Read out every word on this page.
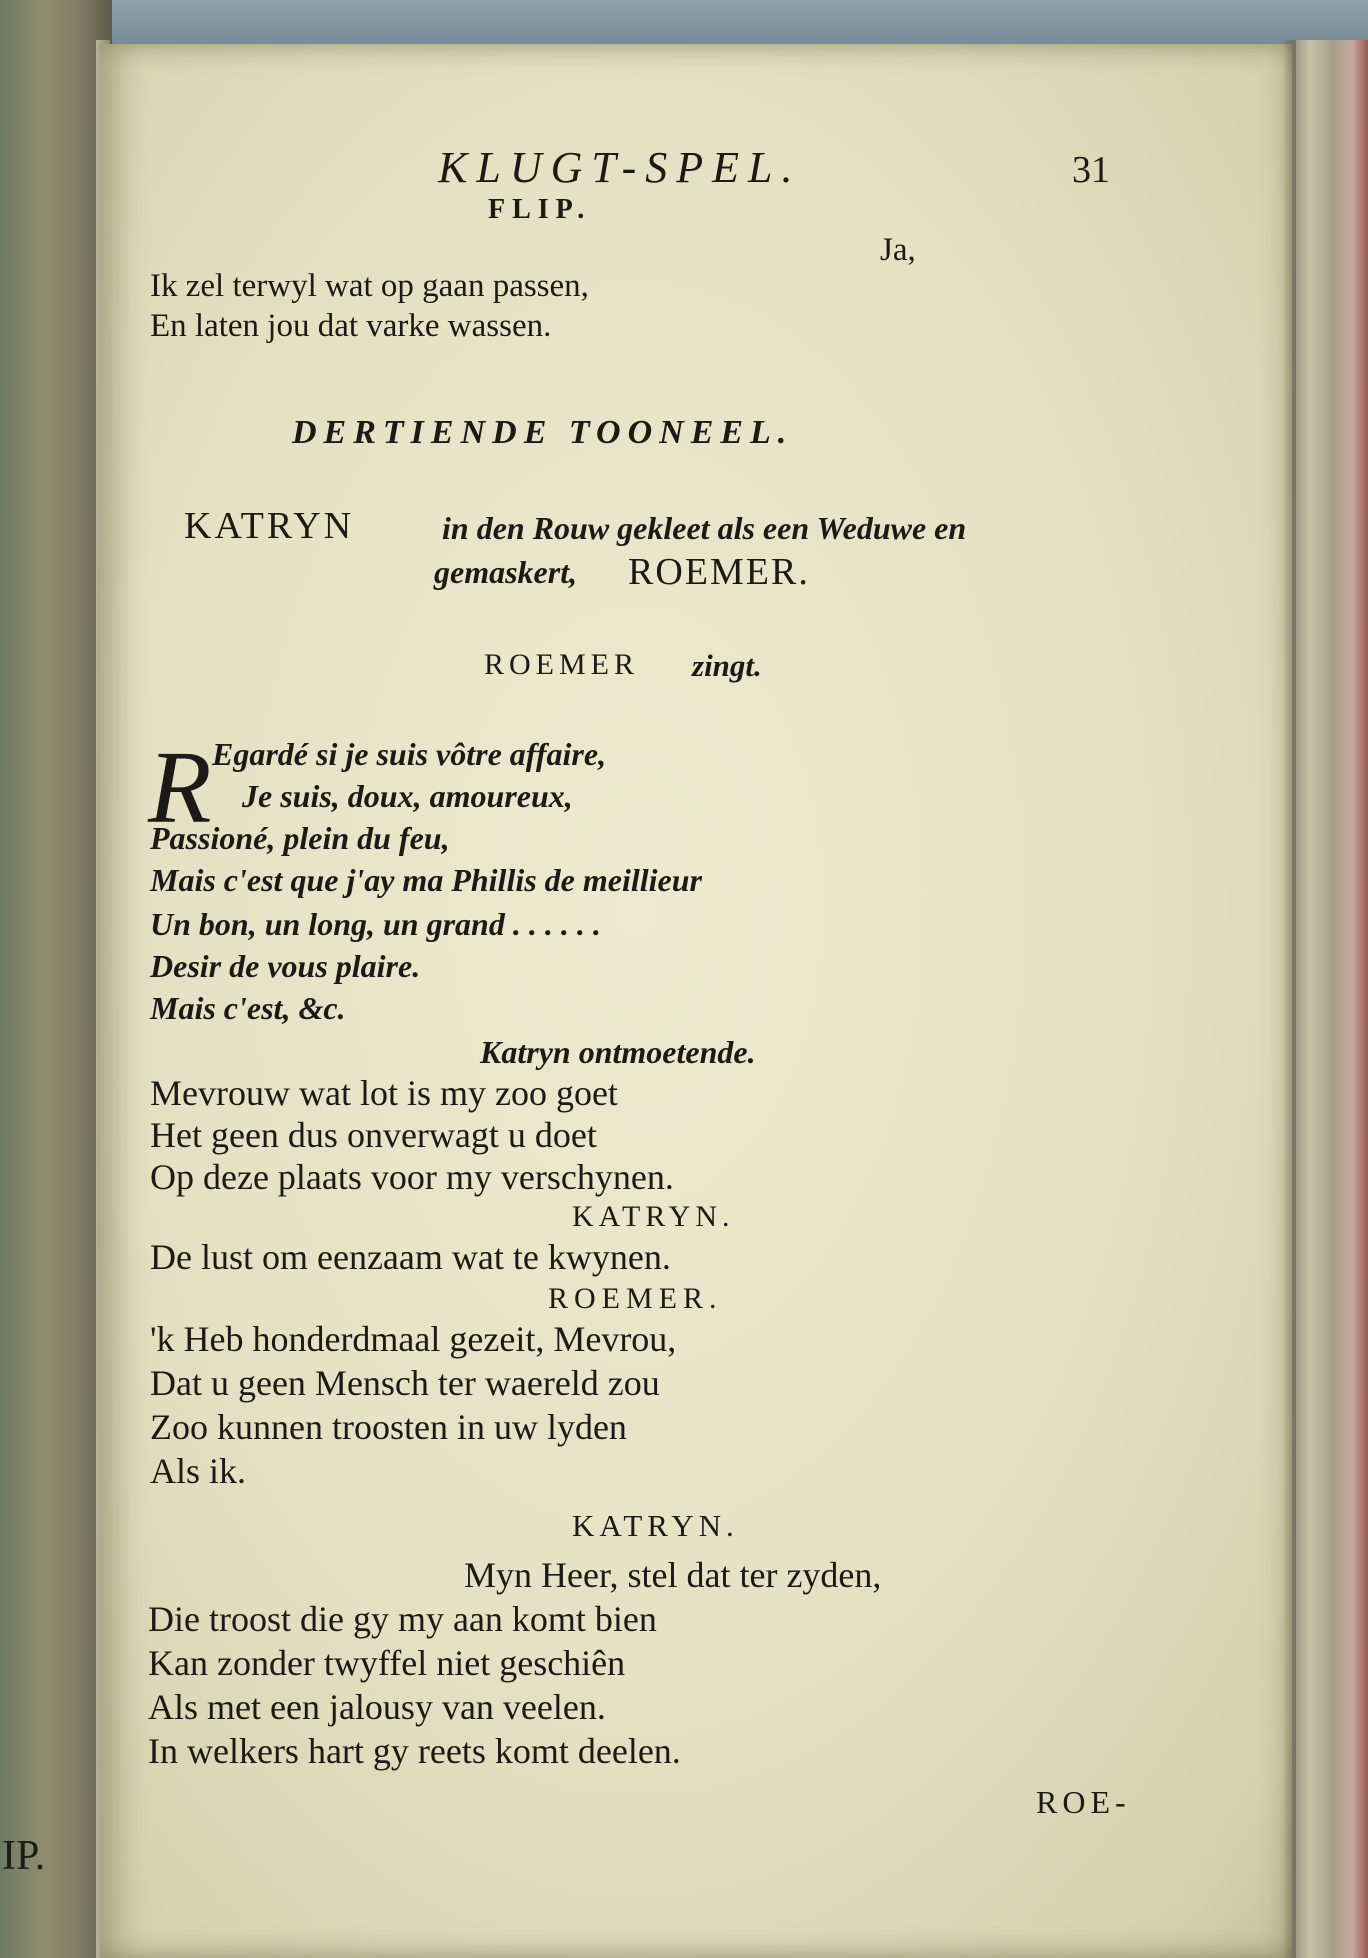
IP.
KLUGT-SPEL.	31
FLIP.
Ja,
Ik zel terwyl wat op gaan passen,
En laten jou dat varke wassen.
DERTIENDE TOONEEL.
KATRYN	in den Rouw gekleet als een Weduwe en
gemaskert, ROEMER.
ROEMER zingt.
R Egardé si je suis vôtre affaire,
Je suis, doux, amoureux,
Passioné, plein du feu,
Mais c'est que j'ay ma Phillis de meillieur
Un bon, un long, un grand . . . . . .
Desir de vous plaire.
Mais c'est, &c.
Katryn ontmoetende.
Mevrouw wat lot is my zoo goet
Het geen dus onverwagt u doet
Op deze plaats voor my verschynen.
KATRYN.
De lust om eenzaam wat te kwynen.
ROEMER.
'k Heb honderdmaal gezeit, Mevrou,
Dat u geen Mensch ter waereld zou
Zoo kunnen troosten in uw lyden
Als ik.
KATRYN.
Myn Heer, stel dat ter zyden,
Die troost die gy my aan komt bien
Kan zonder twyffel niet geschiên
Als met een jalousy van veelen.
In welkers hart gy reets komt deelen.
ROE-
